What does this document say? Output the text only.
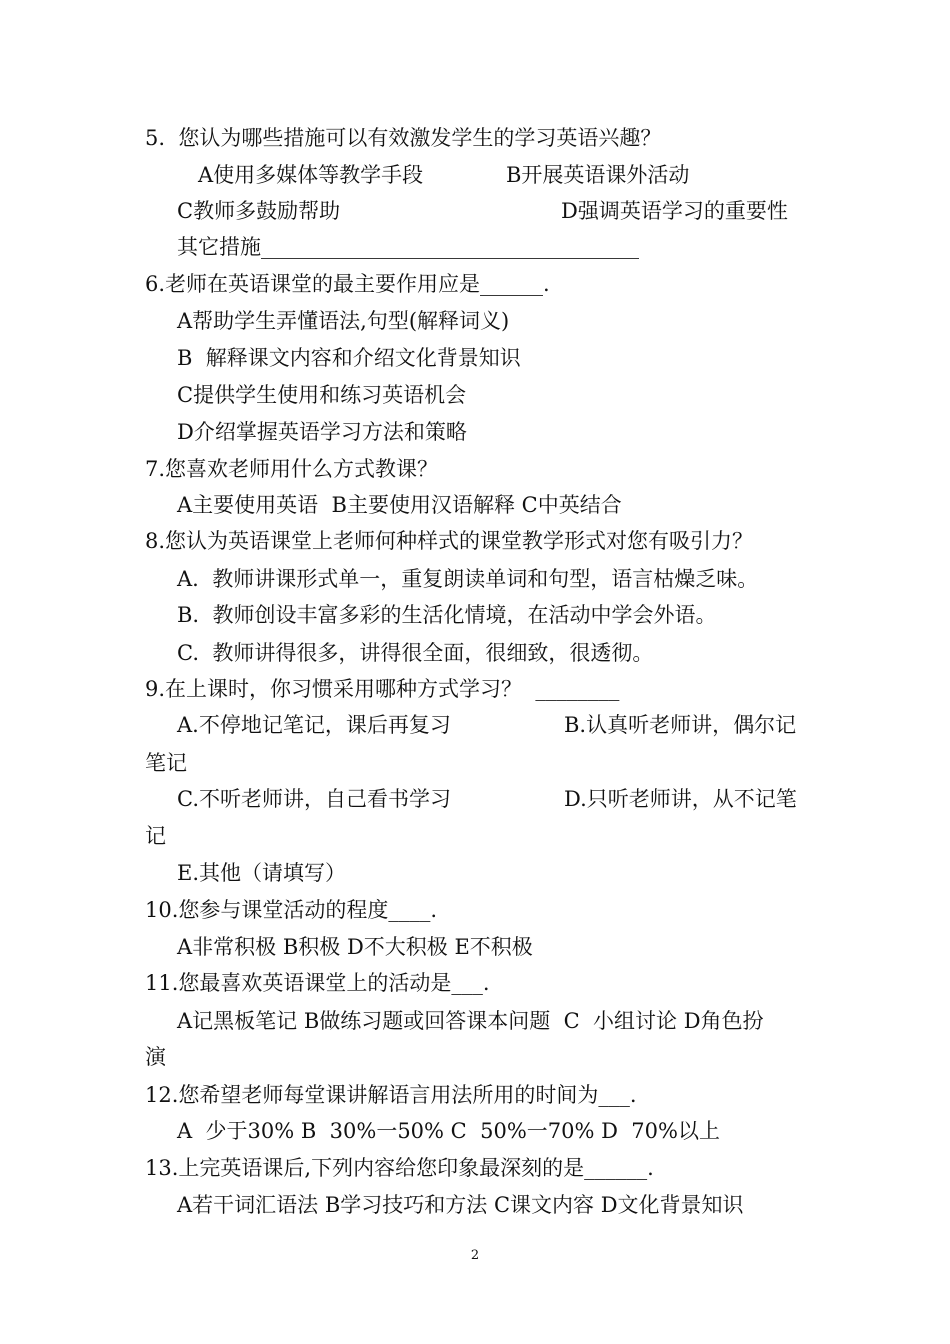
5.  您认为哪些措施可以有效激发学生的学习英语兴趣？
A使用多媒体等教学手段	B开展英语课外活动
C教师多鼓励帮助	D强调英语学习的重要性
其它措施____________________________________
6.老师在英语课堂的最主要作用应是______.
A帮助学生弄懂语法,句型(解释词义)
B  解释课文内容和介绍文化背景知识
C提供学生使用和练习英语机会
D介绍掌握英语学习方法和策略
7.您喜欢老师用什么方式教课？
A主要使用英语  B主要使用汉语解释 C中英结合
8.您认为英语课堂上老师何种样式的课堂教学形式对您有吸引力？
A.  教师讲课形式单一，重复朗读单词和句型，语言枯燥乏味。
B.  教师创设丰富多彩的生活化情境，在活动中学会外语。
C.  教师讲得很多，讲得很全面，很细致，很透彻。
9.在上课时，你习惯采用哪种方式学习？  ________
A.不停地记笔记，课后再复习	B.认真听老师讲，偶尔记
笔记
C.不听老师讲，自己看书学习	D.只听老师讲，从不记笔
记
E.其他（请填写）
10.您参与课堂活动的程度____.
A非常积极 B积极 D不大积极 E不积极
11.您最喜欢英语课堂上的活动是___.
A记黑板笔记 B做练习题或回答课本问题  C  小组讨论 D角色扮
演
12.您希望老师每堂课讲解语言用法所用的时间为___.
A  少于30% B  30%一50% C  50%一70% D  70%以上
13.上完英语课后,下列内容给您印象最深刻的是______.
A若干词汇语法 B学习技巧和方法 C课文内容 D文化背景知识
2
